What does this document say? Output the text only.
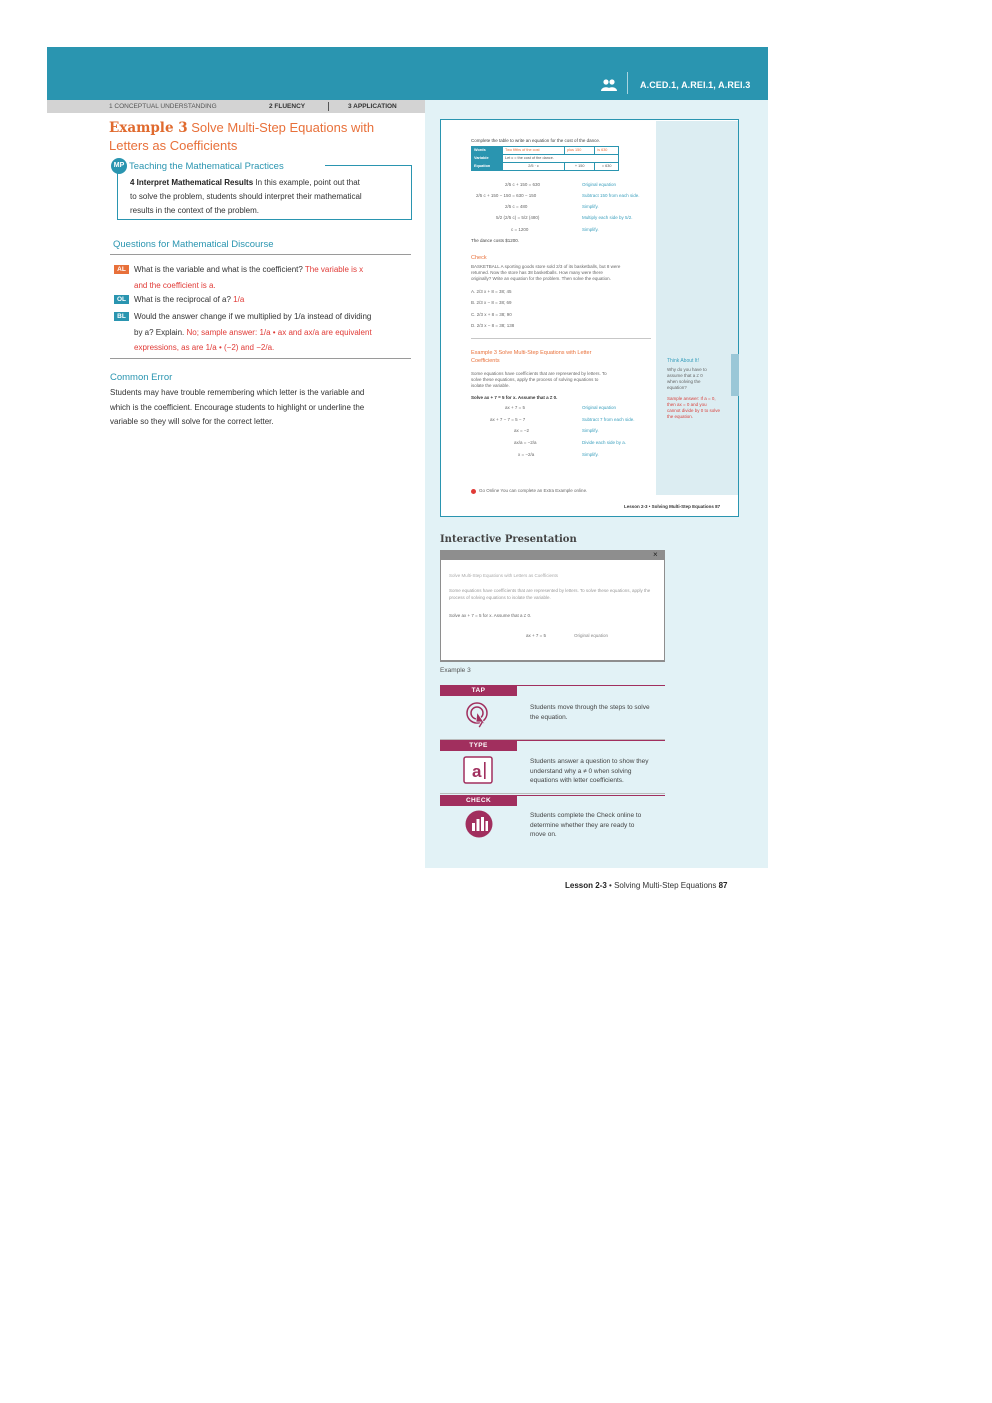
A.CED.1, A.REI.1, A.REI.3
1 CONCEPTUAL UNDERSTANDING	2 FLUENCY	3 APPLICATION
Example 3 Solve Multi-Step Equations with
Letters as Coefficients
MP Teaching the Mathematical Practices
4 Interpret Mathematical Results In this example, point out that
to solve the problem, students should interpret their mathematical
results in the context of the problem.
Questions for Mathematical Discourse
AL What is the variable and what is the coefficient? The variable is x
and the coefficient is a.
OL What is the reciprocal of a? 1/a
BL Would the answer change if we multiplied by 1/a instead of dividing
by a? Explain. No; sample answer: 1/a • ax and ax/a are equivalent
expressions, as are 1/a • (−2) and −2/a.
Common Error
Students may have trouble remembering which letter is the variable and
which is the coefficient. Encourage students to highlight or underline the
variable so they will solve for the correct letter.
Complete the table to write an equation for the cost of the dance.
Words	Two fifths of the cost	plus 150	is 630
Variable	Let c = the cost of the dance.		
Equation	2/5 · c	+ 150	= 630
2/5 c + 150 = 630	Original equation
2/5 c + 150 − 150 = 630 − 150	Subtract 150 from each side.
2/5 c = 480	Simplify.
5/2 (2/5 c) = 5/2 (480)	Multiply each side by 5/2.
c = 1200	Simplify.
The dance costs $1200.
Check
BASKETBALL A sporting goods store sold 2/3 of its basketballs, but 8 were
returned. Now the store has 38 basketballs. How many were there
originally? Write an equation for the problem. Then solve the equation.
A. 2/3 x + 8 = 38; 45
B. 2/3 x − 8 = 38; 69
C. 2/3 x + 8 = 38; 90
D. 2/3 x − 8 = 38; 138
Example 3 Solve Multi-Step Equations with Letter
Coefficients
Some equations have coefficients that are represented by letters. To
solve these equations, apply the process of solving equations to
isolate the variable.
Solve ax + 7 = 5 for x. Assume that a ≠ 0.
ax + 7 = 5	Original equation
ax + 7 − 7 = 5 − 7	Subtract 7 from each side.
ax = −2	Simplify.
ax/a = −2/a	Divide each side by a.
x = −2/a	Simplify.
Think About It!
Why do you have to
assume that a ≠ 0
when solving the
equation?
Sample answer: If a = 0,
then ax = 0 and you
cannot divide by 0 to solve
the equation.
Go Online You can complete an Extra Example online.
Lesson 2-3 • Solving Multi-Step Equations 87
Interactive Presentation
×
Solve Multi-Step Equations with Letters as Coefficients
Some equations have coefficients that are represented by letters. To solve these equations, apply the
process of solving equations to isolate the variable.
Solve ax + 7 = 5 for x. Assume that a ≠ 0.
ax + 7 = 5	Original equation
Example 3
TAP
Students move through the steps to solve
the equation.
TYPE
a
Students answer a question to show they
understand why a ≠ 0 when solving
equations with letter coefficients.
CHECK
Students complete the Check online to
determine whether they are ready to
move on.
Lesson 2-3 • Solving Multi-Step Equations 87
